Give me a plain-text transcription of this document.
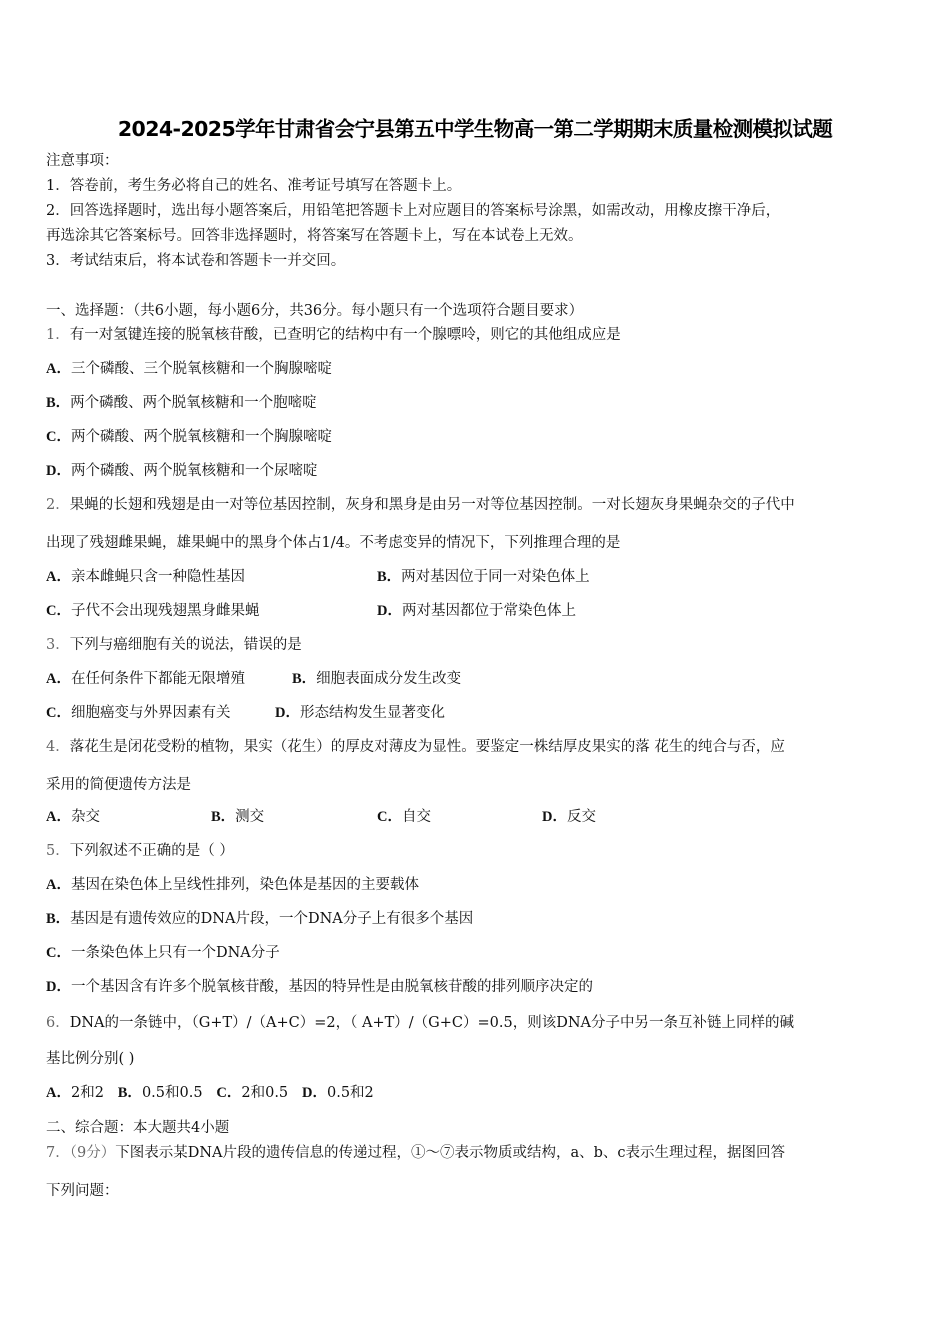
2024-2025学年甘肃省会宁县第五中学生物高一第二学期期末质量检测模拟试题
注意事项：
1．答卷前，考生务必将自己的姓名、准考证号填写在答题卡上。
2．回答选择题时，选出每小题答案后，用铅笔把答题卡上对应题目的答案标号涂黑，如需改动，用橡皮擦干净后，
再选涂其它答案标号。回答非选择题时，将答案写在答题卡上，写在本试卷上无效。
3．考试结束后，将本试卷和答题卡一并交回。
一、选择题：（共6小题，每小题6分，共36分。每小题只有一个选项符合题目要求）
1．有一对氢键连接的脱氧核苷酸，已查明它的结构中有一个腺嘌呤，则它的其他组成应是
A．三个磷酸、三个脱氧核糖和一个胸腺嘧啶
B．两个磷酸、两个脱氧核糖和一个胞嘧啶
C．两个磷酸、两个脱氧核糖和一个胸腺嘧啶
D．两个磷酸、两个脱氧核糖和一个尿嘧啶
2．果蝇的长翅和残翅是由一对等位基因控制，灰身和黑身是由另一对等位基因控制。一对长翅灰身果蝇杂交的子代中
出现了残翅雌果蝇，雄果蝇中的黑身个体占1/4。不考虑变异的情况下，下列推理合理的是
A．亲本雌蝇只含一种隐性基因	B．两对基因位于同一对染色体上
C．子代不会出现残翅黑身雌果蝇	D．两对基因都位于常染色体上
3．下列与癌细胞有关的说法，错误的是
A．在任何条件下都能无限增殖	B．细胞表面成分发生改变
C．细胞癌变与外界因素有关	D．形态结构发生显著变化
4．落花生是闭花受粉的植物，果实（花生）的厚皮对薄皮为显性。要鉴定一株结厚皮果实的落 花生的纯合与否，应
采用的简便遗传方法是
A．杂交	B．测交	C．自交	D．反交
5．下列叙述不正确的是（ ）
A．基因在染色体上呈线性排列，染色体是基因的主要载体
B．基因是有遗传效应的DNA片段，一个DNA分子上有很多个基因
C．一条染色体上只有一个DNA分子
D．一个基因含有许多个脱氧核苷酸，基因的特异性是由脱氧核苷酸的排列顺序决定的
6．DNA的一条链中，（G+T）/（A+C）=2，（ A+T）/（G+C）=0.5，则该DNA分子中另一条互补链上同样的碱
基比例分别( )
A．2和2 B．0.5和0.5 C．2和0.5 D．0.5和2
二、综合题：本大题共4小题
7．（9分）下图表示某DNA片段的遗传信息的传递过程，①～⑦表示物质或结构，a、b、c表示生理过程，据图回答
下列问题：
